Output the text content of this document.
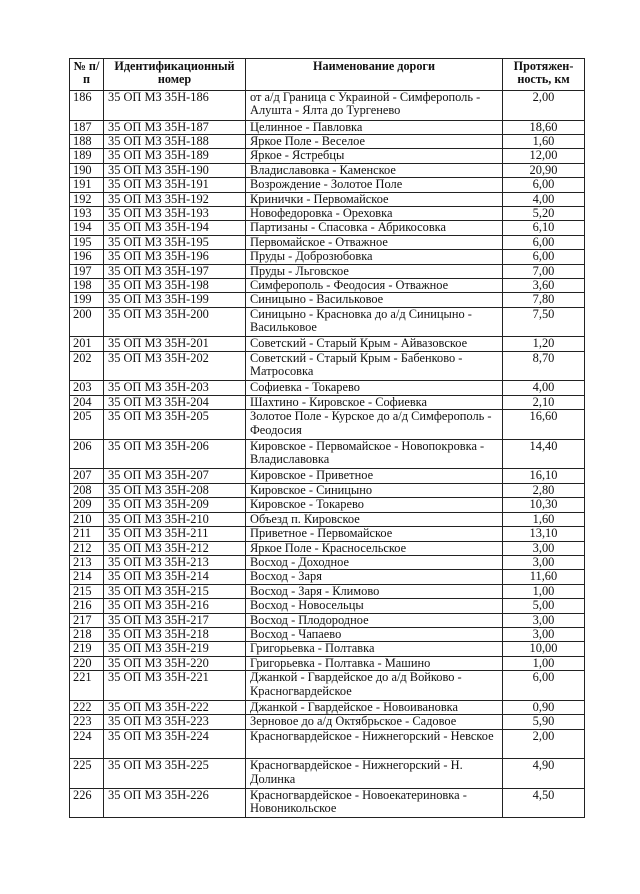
№ п/п	Идентификационный номер	Наименование дороги	Протяжен-ность, км
186	35 ОП МЗ 35Н-186	от а/д Граница с Украиной - Симферополь - Алушта - Ялта до Тургенево	2,00
187	35 ОП МЗ 35Н-187	Целинное - Павловка	18,60
188	35 ОП МЗ 35Н-188	Яркое Поле - Веселое	1,60
189	35 ОП МЗ 35Н-189	Яркое - Ястребцы	12,00
190	35 ОП МЗ 35Н-190	Владиславовка - Каменское	20,90
191	35 ОП МЗ 35Н-191	Возрождение - Золотое Поле	6,00
192	35 ОП МЗ 35Н-192	Кринички - Первомайское	4,00
193	35 ОП МЗ 35Н-193	Новофедоровка - Ореховка	5,20
194	35 ОП МЗ 35Н-194	Партизаны - Спасовка - Абрикосовка	6,10
195	35 ОП МЗ 35Н-195	Первомайское - Отважное	6,00
196	35 ОП МЗ 35Н-196	Пруды - Доброзюбовка	6,00
197	35 ОП МЗ 35Н-197	Пруды - Льговское	7,00
198	35 ОП МЗ 35Н-198	Симферополь - Феодосия - Отважное	3,60
199	35 ОП МЗ 35Н-199	Синицыно - Васильковое	7,80
200	35 ОП МЗ 35Н-200	Синицыно - Красновка до а/д Синицыно - Васильковое	7,50
201	35 ОП МЗ 35Н-201	Советский - Старый Крым - Айвазовское	1,20
202	35 ОП МЗ 35Н-202	Советский - Старый Крым - Бабенково - Матросовка	8,70
203	35 ОП МЗ 35Н-203	Софиевка - Токарево	4,00
204	35 ОП МЗ 35Н-204	Шахтино - Кировское - Софиевка	2,10
205	35 ОП МЗ 35Н-205	Золотое Поле - Курское до а/д Симферополь - Феодосия	16,60
206	35 ОП МЗ 35Н-206	Кировское - Первомайское - Новопокровка - Владиславовка	14,40
207	35 ОП МЗ 35Н-207	Кировское - Приветное	16,10
208	35 ОП МЗ 35Н-208	Кировское - Синицыно	2,80
209	35 ОП МЗ 35Н-209	Кировское - Токарево	10,30
210	35 ОП МЗ 35Н-210	Объезд п. Кировское	1,60
211	35 ОП МЗ 35Н-211	Приветное - Первомайское	13,10
212	35 ОП МЗ 35Н-212	Яркое Поле - Красносельское	3,00
213	35 ОП МЗ 35Н-213	Восход - Доходное	3,00
214	35 ОП МЗ 35Н-214	Восход - Заря	11,60
215	35 ОП МЗ 35Н-215	Восход - Заря - Климово	1,00
216	35 ОП МЗ 35Н-216	Восход - Новосельцы	5,00
217	35 ОП МЗ 35Н-217	Восход - Плодородное	3,00
218	35 ОП МЗ 35Н-218	Восход - Чапаево	3,00
219	35 ОП МЗ 35Н-219	Григорьевка - Полтавка	10,00
220	35 ОП МЗ 35Н-220	Григорьевка - Полтавка - Машино	1,00
221	35 ОП МЗ 35Н-221	Джанкой - Гвардейское до а/д Войково - Красногвардейское	6,00
222	35 ОП МЗ 35Н-222	Джанкой - Гвардейское - Новоивановка	0,90
223	35 ОП МЗ 35Н-223	Зерновое до а/д Октябрьское - Садовое	5,90
224	35 ОП МЗ 35Н-224	Красногвардейское - Нижнегорский - Невское	2,00
225	35 ОП МЗ 35Н-225	Красногвардейское - Нижнегорский - Н. Долинка	4,90
226	35 ОП МЗ 35Н-226	Красногвардейское - Новоекатериновка - Новоникольское	4,50
